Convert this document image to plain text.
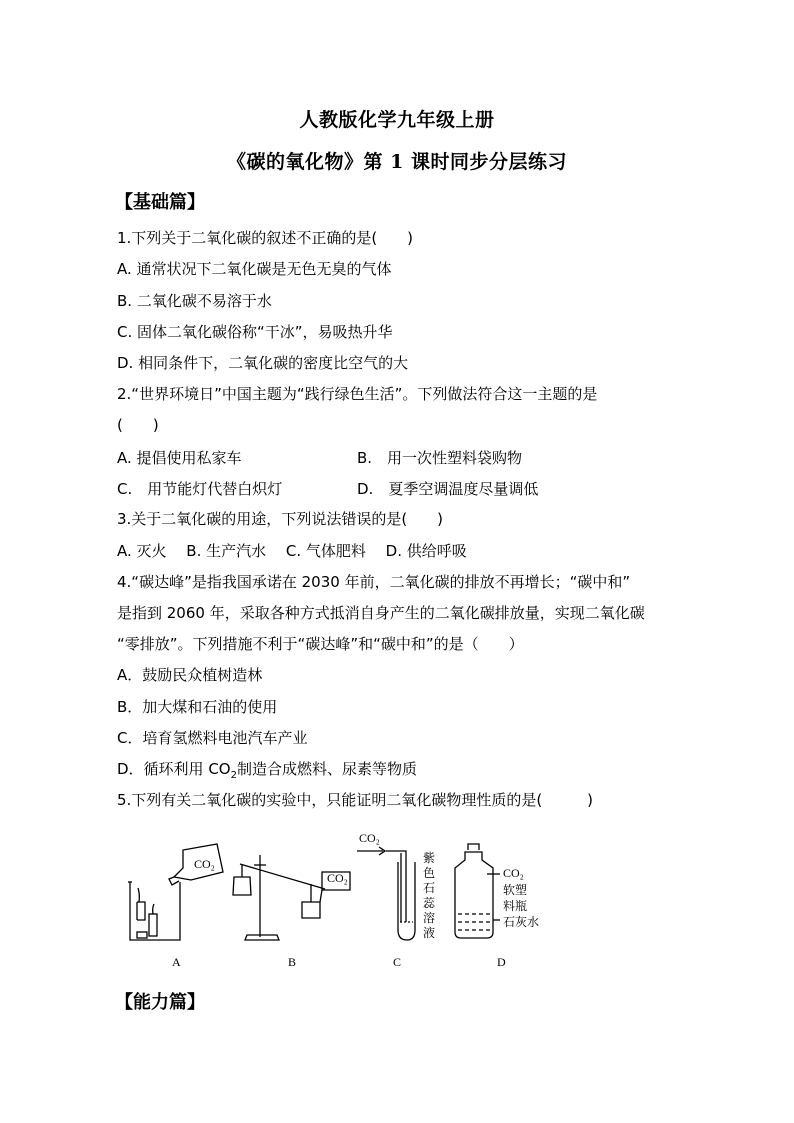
人教版化学九年级上册
《碳的氧化物》第 1 课时同步分层练习
【基础篇】
1.下列关于二氧化碳的叙述不正确的是(　　)
A. 通常状况下二氧化碳是无色无臭的气体
B. 二氧化碳不易溶于水
C. 固体二氧化碳俗称“干冰”，易吸热升华
D. 相同条件下，二氧化碳的密度比空气的大
2.“世界环境日”中国主题为“践行绿色生活”。下列做法符合这一主题的是
(　　)
A. 提倡使用私家车	B.　用一次性塑料袋购物
C.　用节能灯代替白炽灯	D.　夏季空调温度尽量调低
3.关于二氧化碳的用途，下列说法错误的是(　　)
A. 灭火　 B. 生产汽水　 C. 气体肥料　 D. 供给呼吸
4.“碳达峰”是指我国承诺在 2030 年前，二氧化碳的排放不再增长；“碳中和”
是指到 2060 年，采取各种方式抵消自身产生的二氧化碳排放量，实现二氧化碳
“零排放”。下列措施不利于“碳达峰”和“碳中和”的是（　　）
A．鼓励民众植树造林
B．加大煤和石油的使用
C．培育氢燃料电池汽车产业
D．循环利用 $CO_2$制造合成燃料、尿素等物质
5.下列有关二氧化碳的实验中，只能证明二氧化碳物理性质的是(　　　)
CO₂
CO₂
CO₂
CO₂
紫
色
石
蕊
溶
液
软塑
料瓶
石灰水
A	B	C	D
【能力篇】
